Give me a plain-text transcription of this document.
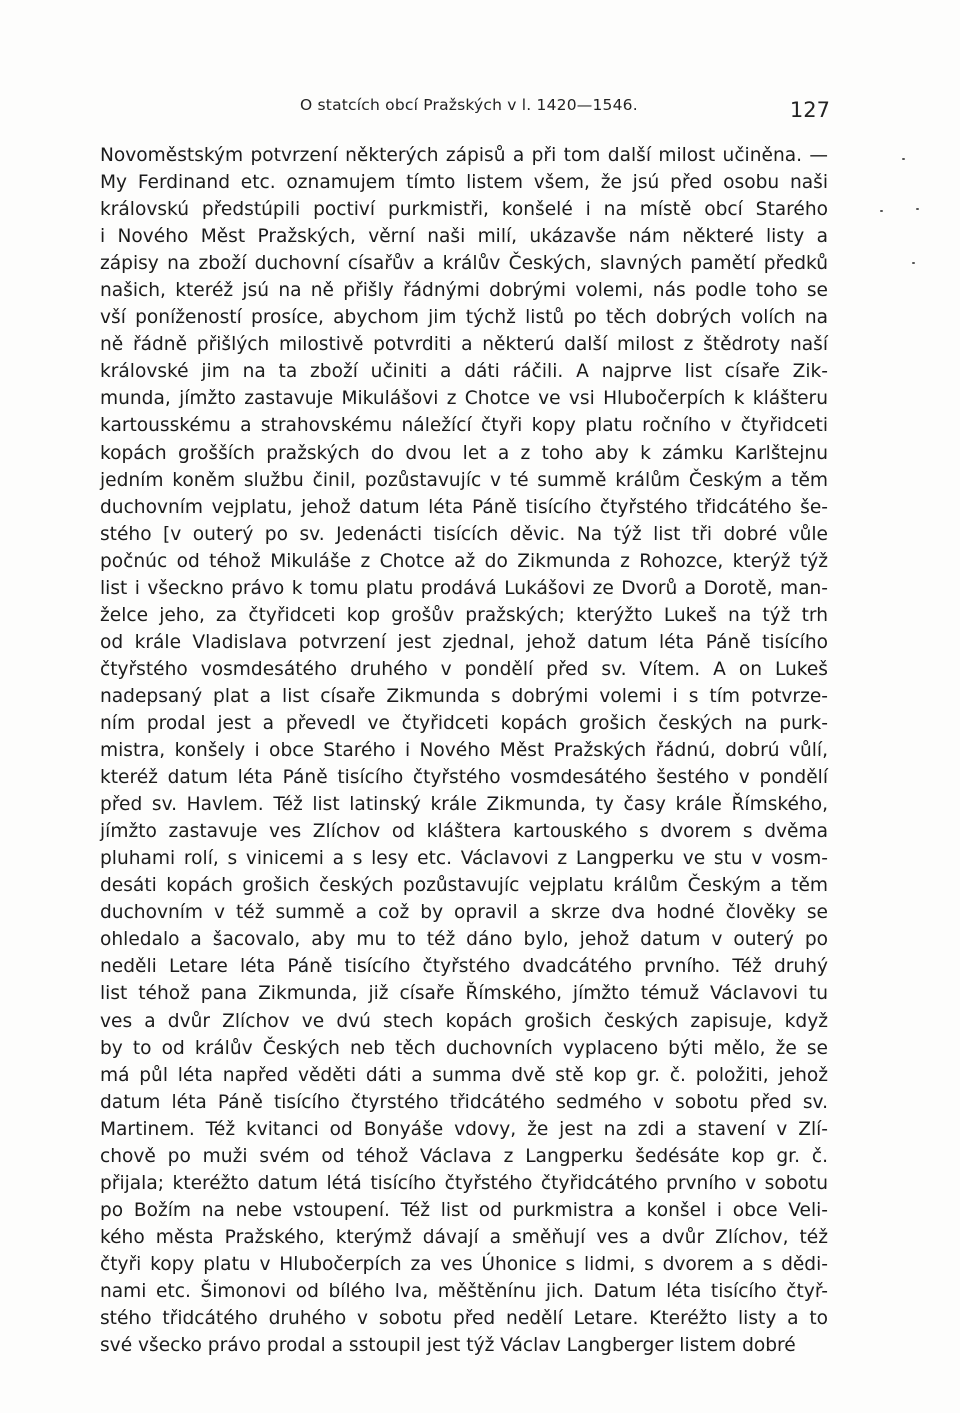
O statcích obcí Pražských v l. 1420—1546.	127
Novoměstským potvrzení některých zápisů a při tom další milost učiněna. —
My Ferdinand etc. oznamujem tímto listem všem, že jsú před osobu naši
královskú předstúpili poctiví purkmistři, konšelé i na místě obcí Starého
i Nového Měst Pražských, věrní naši milí, ukázavše nám některé listy a
zápisy na zboží duchovní císařův a králův Českých, slavných pamětí předků
našich, kteréž jsú na ně přišly řádnými dobrými volemi, nás podle toho se
vší ponížeností prosíce, abychom jim týchž listů po těch dobrých volích na
ně řádně přišlých milostivě potvrditi a některú další milost z štědroty naší
královské jim na ta zboží učiniti a dáti ráčili. A najprve list císaře Zik-
munda, jímžto zastavuje Mikulášovi z Chotce ve vsi Hlubočerpích k klášteru
kartousskému a strahovskému náležící čtyři kopy platu ročního v čtyřidceti
kopách grošších pražských do dvou let a z toho aby k zámku Karlštejnu
jedním koněm službu činil, pozůstavujíc v té summě králům Českým a těm
duchovním vejplatu, jehož datum léta Páně tisícího čtyřstého třidcátého še-
stého [v outerý po sv. Jedenácti tisících děvic. Na týž list tři dobré vůle
počnúc od téhož Mikuláše z Chotce až do Zikmunda z Rohozce, kterýž týž
list i všeckno právo k tomu platu prodává Lukášovi ze Dvorů a Dorotě, man-
želce jeho, za čtyřidceti kop grošův pražských; kterýžto Lukeš na týž trh
od krále Vladislava potvrzení jest zjednal, jehož datum léta Páně tisícího
čtyřstého vosmdesátého druhého v pondělí před sv. Vítem. A on Lukeš
nadepsaný plat a list císaře Zikmunda s dobrými volemi i s tím potvrze-
ním prodal jest a převedl ve čtyřidceti kopách grošich českých na purk-
mistra, konšely i obce Starého i Nového Měst Pražských řádnú, dobrú vůlí,
kteréž datum léta Páně tisícího čtyřstého vosmdesátého šestého v pondělí
před sv. Havlem. Též list latinský krále Zikmunda, ty časy krále Římského,
jímžto zastavuje ves Zlíchov od kláštera kartouského s dvorem s dvěma
pluhami rolí, s vinicemi a s lesy etc. Václavovi z Langperku ve stu v vosm-
desáti kopách grošich českých pozůstavujíc vejplatu králům Českým a těm
duchovním v též summě a což by opravil a skrze dva hodné člověky se
ohledalo a šacovalo, aby mu to též dáno bylo, jehož datum v outerý po
neděli Letare léta Páně tisícího čtyřstého dvadcátého prvního. Též druhý
list téhož pana Zikmunda, již císaře Římského, jímžto témuž Václavovi tu
ves a dvůr Zlíchov ve dvú stech kopách grošich českých zapisuje, když
by to od králův Českých neb těch duchovních vyplaceno býti mělo, že se
má půl léta napřed věděti dáti a summa dvě stě kop gr. č. položiti, jehož
datum léta Páně tisícího čtyrstého třidcátého sedmého v sobotu před sv.
Martinem. Též kvitanci od Bonyáše vdovy, že jest na zdi a stavení v Zlí-
chově po muži svém od téhož Václava z Langperku šedésáte kop gr. č.
přijala; kteréžto datum létá tisícího čtyřstého čtyřidcátého prvního v sobotu
po Božím na nebe vstoupení. Též list od purkmistra a konšel i obce Veli-
kého města Pražského, kterýmž dávají a směňují ves a dvůr Zlíchov, též
čtyři kopy platu v Hlubočerpích za ves Úhonice s lidmi, s dvorem a s dědi-
nami etc. Šimonovi od bílého lva, měštěnínu jich. Datum léta tisícího čtyř-
stého třidcátého druhého v sobotu před nedělí Letare. Kteréžto listy a to
své všecko právo prodal a sstoupil jest týž Václav Langberger listem dobré
